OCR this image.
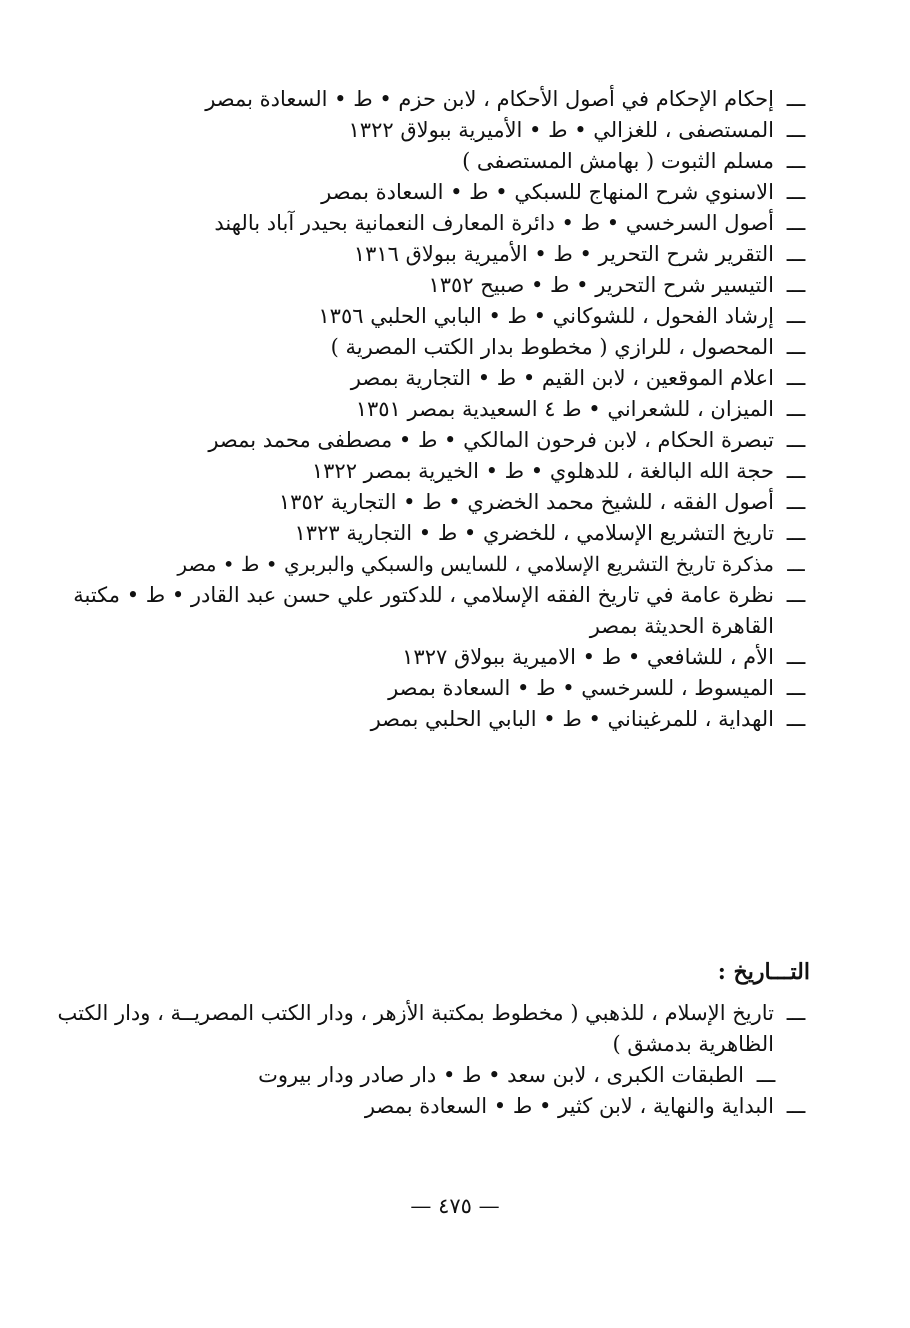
ـــ
إحكام الإحكام في أصول الأحكام ، لابن حزم • ط • السعادة بمصر
ـــ
المستصفى ، للغزالي • ط • الأميرية ببولاق ١٣٢٢
ـــ
مسلم الثبوت ( بهامش المستصفى )
ـــ
الاسنوي شرح المنهاج للسبكي • ط • السعادة بمصر
ـــ
أصول السرخسي • ط • دائرة المعارف النعمانية بحيدر آباد بالهند
ـــ
التقرير شرح التحرير • ط • الأميرية ببولاق ١٣١٦
ـــ
التيسير شرح التحرير • ط • صبيح ١٣٥٢
ـــ
إرشاد الفحول ، للشوكاني • ط • البابي الحلبي ١٣٥٦
ـــ
المحصول ، للرازي ( مخطوط بدار الكتب المصرية )
ـــ
اعلام الموقعين ، لابن القيم • ط • التجارية بمصر
ـــ
الميزان ، للشعراني • ط ٤ السعيدية بمصر ١٣٥١
ـــ
تبصرة الحكام ، لابن فرحون المالكي • ط • مصطفى محمد بمصر
ـــ
حجة الله البالغة ، للدهلوي • ط • الخيرية بمصر ١٣٢٢
ـــ
أصول الفقه ، للشيخ محمد الخضري • ط • التجارية ١٣٥٢
ـــ
تاريخ التشريع الإسلامي ، للخضري • ط • التجارية ١٣٢٣
ـــ
مذكرة تاريخ التشريع الإسلامي ، للسايس والسبكي والبربري • ط • مصر
ـــ
نظرة عامة في تاريخ الفقه الإسلامي ، للدكتور علي حسن عبد القادر • ط • مكتبة القاهرة الحديثة بمصر
ـــ
الأم ، للشافعي • ط • الاميرية ببولاق ١٣٢٧
ـــ
الميسوط ، للسرخسي • ط • السعادة بمصر
ـــ
الهداية ، للمرغيناني • ط • البابي الحلبي بمصر
التـــاريخ :
ـــ
تاريخ الإسلام ، للذهبي ( مخطوط بمكتبة الأزهر ، ودار الكتب المصريــة ، ودار الكتب الظاهرية بدمشق )
ـــ
الطبقات الكبرى ، لابن سعد • ط • دار صادر ودار بيروت
ـــ
البداية والنهاية ، لابن كثير • ط • السعادة بمصر
— ٤٧٥ —
